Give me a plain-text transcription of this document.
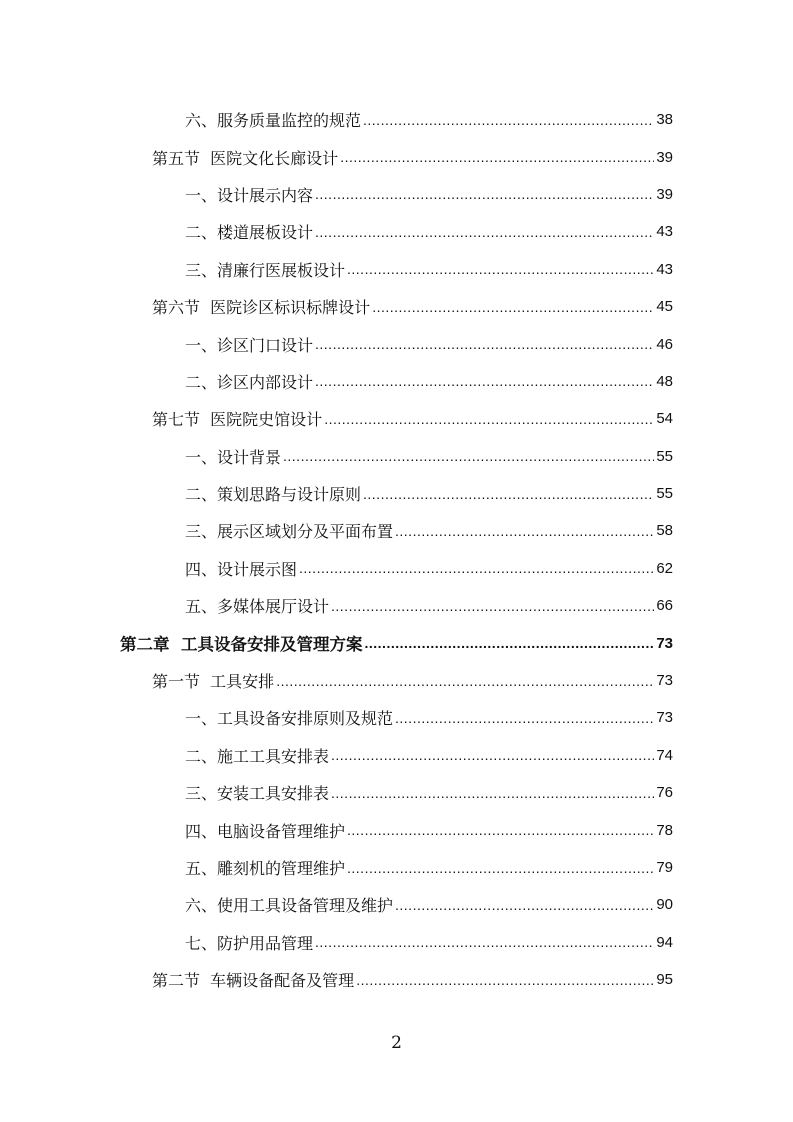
六、服务质量监控的规范 .....	38
第五节  医院文化长廊设计 .....	39
一、设计展示内容 .....	39
二、楼道展板设计 .....	43
三、清廉行医展板设计 .....	43
第六节  医院诊区标识标牌设计 .....	45
一、诊区门口设计 .....	46
二、诊区内部设计 .....	48
第七节  医院院史馆设计 .....	54
一、设计背景 .....	55
二、策划思路与设计原则 .....	55
三、展示区域划分及平面布置 .....	58
四、设计展示图 .....	62
五、多媒体展厅设计 .....	66
第二章  工具设备安排及管理方案 .....	73
第一节  工具安排 .....	73
一、工具设备安排原则及规范 .....	73
二、施工工具安排表 .....	74
三、安装工具安排表 .....	76
四、电脑设备管理维护 .....	78
五、雕刻机的管理维护 .....	79
六、使用工具设备管理及维护 .....	90
七、防护用品管理 .....	94
第二节  车辆设备配备及管理 .....	95
2
